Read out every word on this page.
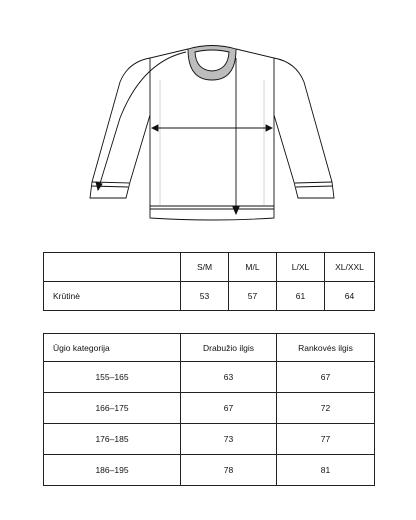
	S/M	M/L	L/XL	XL/XXL
Krūtinė	53	57	61	64
Ūgio kategorija	Drabužio ilgis	Rankovės ilgis
155–165	63	67
166–175	67	72
176–185	73	77
186–195	78	81
